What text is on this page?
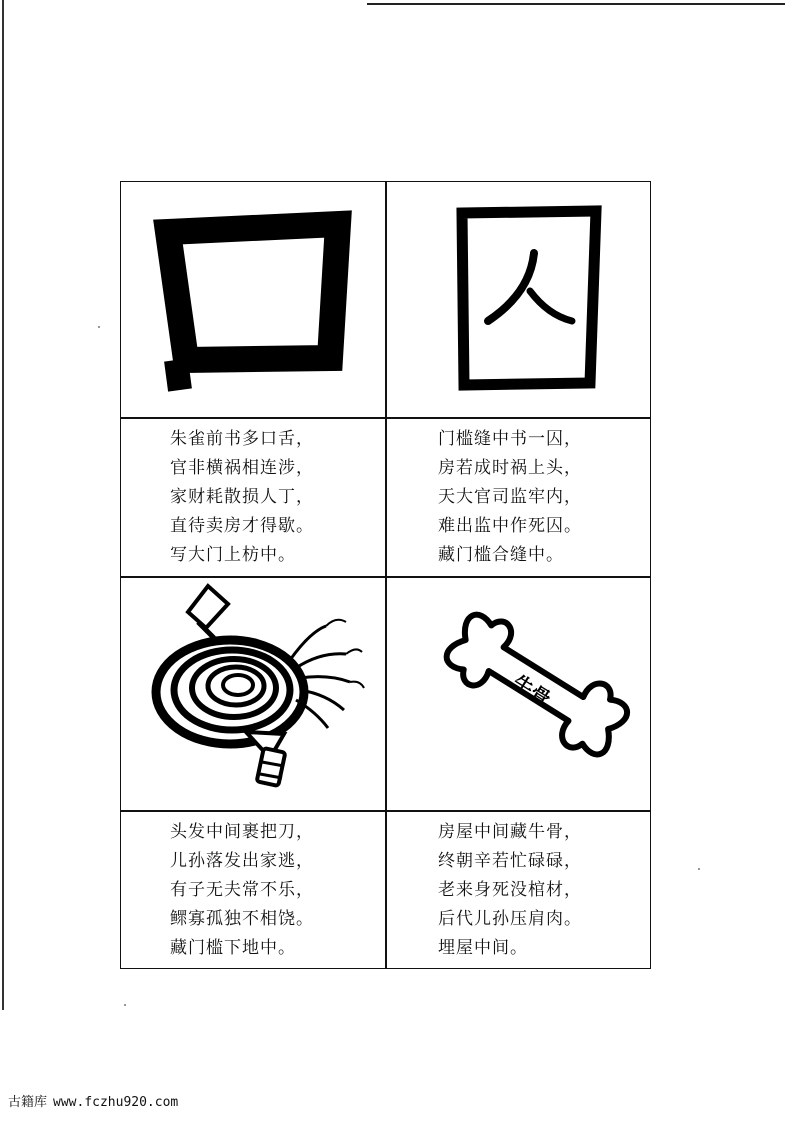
牛骨
朱雀前书多口舌，
官非横祸相连涉，
家财耗散损人丁，
直待卖房才得歇。
写大门上枋中。
门槛缝中书一囚，
房若成时祸上头，
天大官司监牢内，
难出监中作死囚。
藏门槛合缝中。
头发中间裹把刀，
儿孙落发出家逃，
有子无夫常不乐，
鳏寡孤独不相饶。
藏门槛下地中。
房屋中间藏牛骨，
终朝辛若忙碌碌，
老来身死没棺材，
后代儿孙压肩肉。
埋屋中间。
古籍库 www.fczhu920.com
